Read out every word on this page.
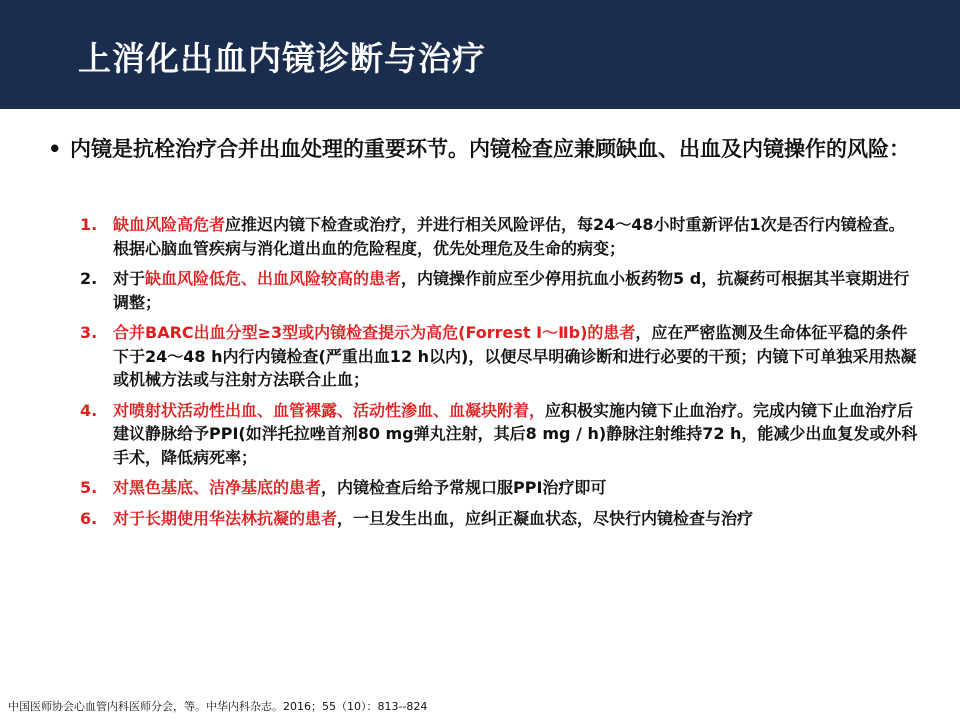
上消化出血内镜诊断与治疗
• 内镜是抗栓治疗合并出血处理的重要环节。内镜检查应兼顾缺血、出血及内镜操作的风险：
1. 缺血风险高危者应推迟内镜下检查或治疗，并进行相关风险评估，每24～48小时重新评估1次是否行内镜检查。根据心脑血管疾病与消化道出血的危险程度，优先处理危及生命的病变；
2. 对于缺血风险低危、出血风险较高的患者，内镜操作前应至少停用抗血小板药物5 d，抗凝药可根据其半衰期进行调整；
3. 合并BARC出血分型≥3型或内镜检查提示为高危(Forrest Ⅰ～Ⅱb)的患者，应在严密监测及生命体征平稳的条件下于24～48 h内行内镜检查(严重出血12 h以内)，以便尽早明确诊断和进行必要的干预；内镜下可单独采用热凝或机械方法或与注射方法联合止血；
4. 对喷射状活动性出血、血管裸露、活动性渗血、血凝块附着，应积极实施内镜下止血治疗。完成内镜下止血治疗后建议静脉给予PPI(如泮托拉唑首剂80 mg弹丸注射，其后8 mg / h)静脉注射维持72 h，能减少出血复发或外科手术，降低病死率；
5. 对黑色基底、洁净基底的患者，内镜检查后给予常规口服PPI治疗即可
6. 对于长期使用华法林抗凝的患者，一旦发生出血，应纠正凝血状态，尽快行内镜检查与治疗
中国医师协会心血管内科医师分会，等。中华内科杂志。2016；55（10）：813--824
